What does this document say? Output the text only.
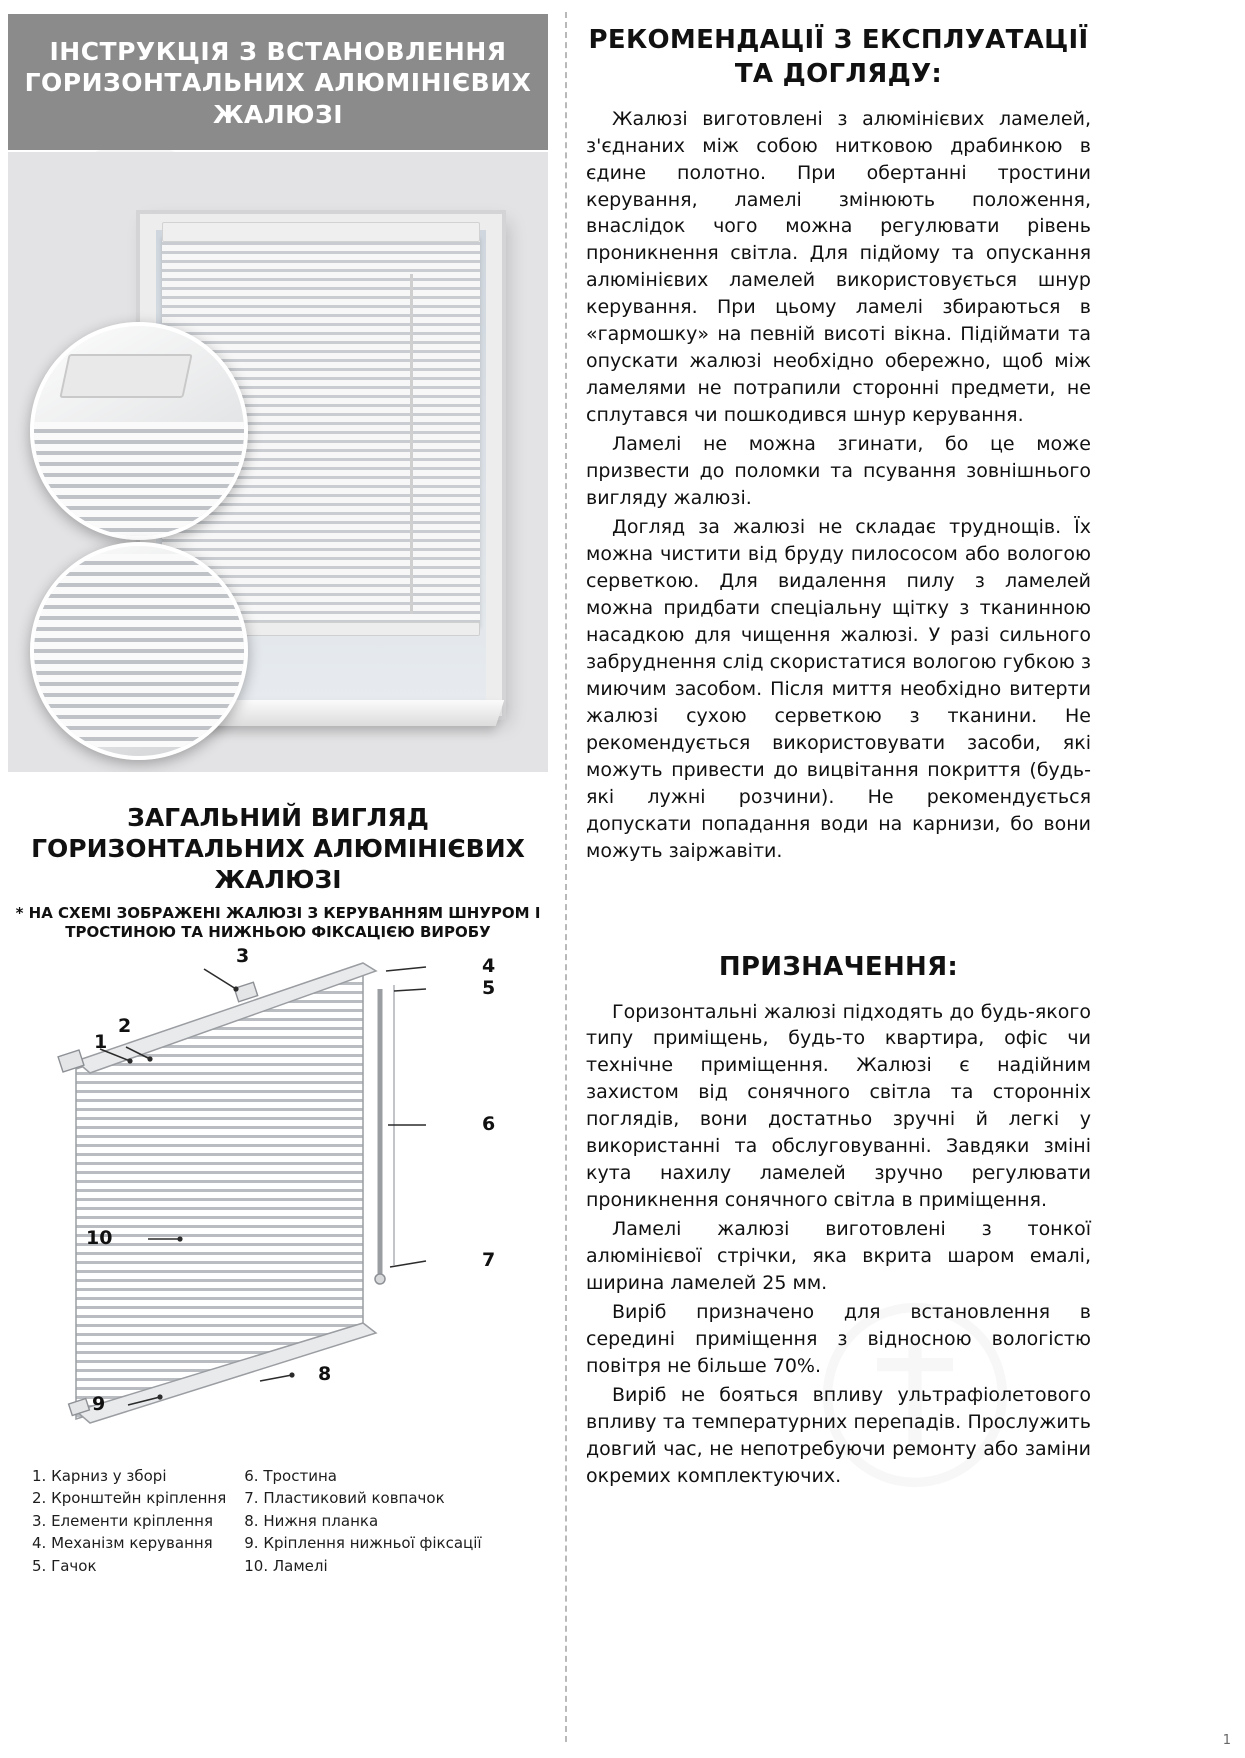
ІНСТРУКЦІЯ З ВСТАНОВЛЕННЯ ГОРИЗОНТАЛЬНИХ АЛЮМІНІЄВИХ ЖАЛЮЗІ
ЗАГАЛЬНИЙ ВИГЛЯД ГОРИЗОНТАЛЬНИХ АЛЮМІНІЄВИХ ЖАЛЮЗІ
* НА СХЕМІ ЗОБРАЖЕНІ ЖАЛЮЗІ З КЕРУВАННЯМ ШНУРОМ І ТРОСТИНОЮ ТА НИЖНЬОЮ ФІКСАЦІЄЮ ВИРОБУ
1
2
3	4
5
6
7
8
9
10
1. Карниз у зборі
2. Кронштейн кріплення
3. Елементи кріплення
4. Механізм керування
5. Гачок
6. Тростина
7. Пластиковий ковпачок
8. Нижня планка
9. Кріплення нижньої фіксації
10. Ламелі
РЕКОМЕНДАЦІЇ З ЕКСПЛУАТАЦІЇ ТА ДОГЛЯДУ:

Жалюзі виготовлені з алюмінієвих ламелей, з'єднаних між собою нитковою драбинкою в єдине полотно. При обертанні тростини керування, ламелі змінюють положення, внаслідок чого можна регулювати рівень проникнення світла. Для підйому та опускання алюмінієвих ламелей використовується шнур керування. При цьому ламелі збираються в «гармошку» на певній висоті вікна. Підіймати та опускати жалюзі необхідно обережно, щоб між ламелями не потрапили сторонні предмети, не сплутався чи пошкодився шнур керування.

Ламелі не можна згинати, бо це може призвести до поломки та псування зовнішнього вигляду жалюзі.

Догляд за жалюзі не складає труднощів. Їх можна чистити від бруду пилососом або вологою серветкою. Для видалення пилу з ламелей можна придбати спеціальну щітку з тканинною насадкою для чищення жалюзі. У разі сильного забруднення слід скористатися вологою губкою з миючим засобом. Після миття необхідно витерти жалюзі сухою серветкою з тканини. Не рекомендується використовувати засоби, які можуть привести до вицвітання покриття (будь-які лужні розчини). Не рекомендується допускати попадання води на карнизи, бо вони можуть заіржавіти.

ПРИЗНАЧЕННЯ:

Горизонтальні жалюзі підходять до будь-якого типу приміщень, будь-то квартира, офіс чи технічне приміщення. Жалюзі є надійним захистом від сонячного світла та сторонніх поглядів, вони достатньо зручні й легкі у використанні та обслуговуванні. Завдяки зміні кута нахилу ламелей зручно регулювати проникнення сонячного світла в приміщення.

Ламелі жалюзі виготовлені з тонкої алюмінієвої стрічки, яка вкрита шаром емалі, ширина ламелей 25 мм.

Виріб призначено для встановлення в середині приміщення з відносною вологістю повітря не більше 70%.

Виріб не бояться впливу ультрафіолетового впливу та температурних перепадів. Прослужить довгий час, не непотребуючи ремонту або заміни окремих комплектуючих.

1
